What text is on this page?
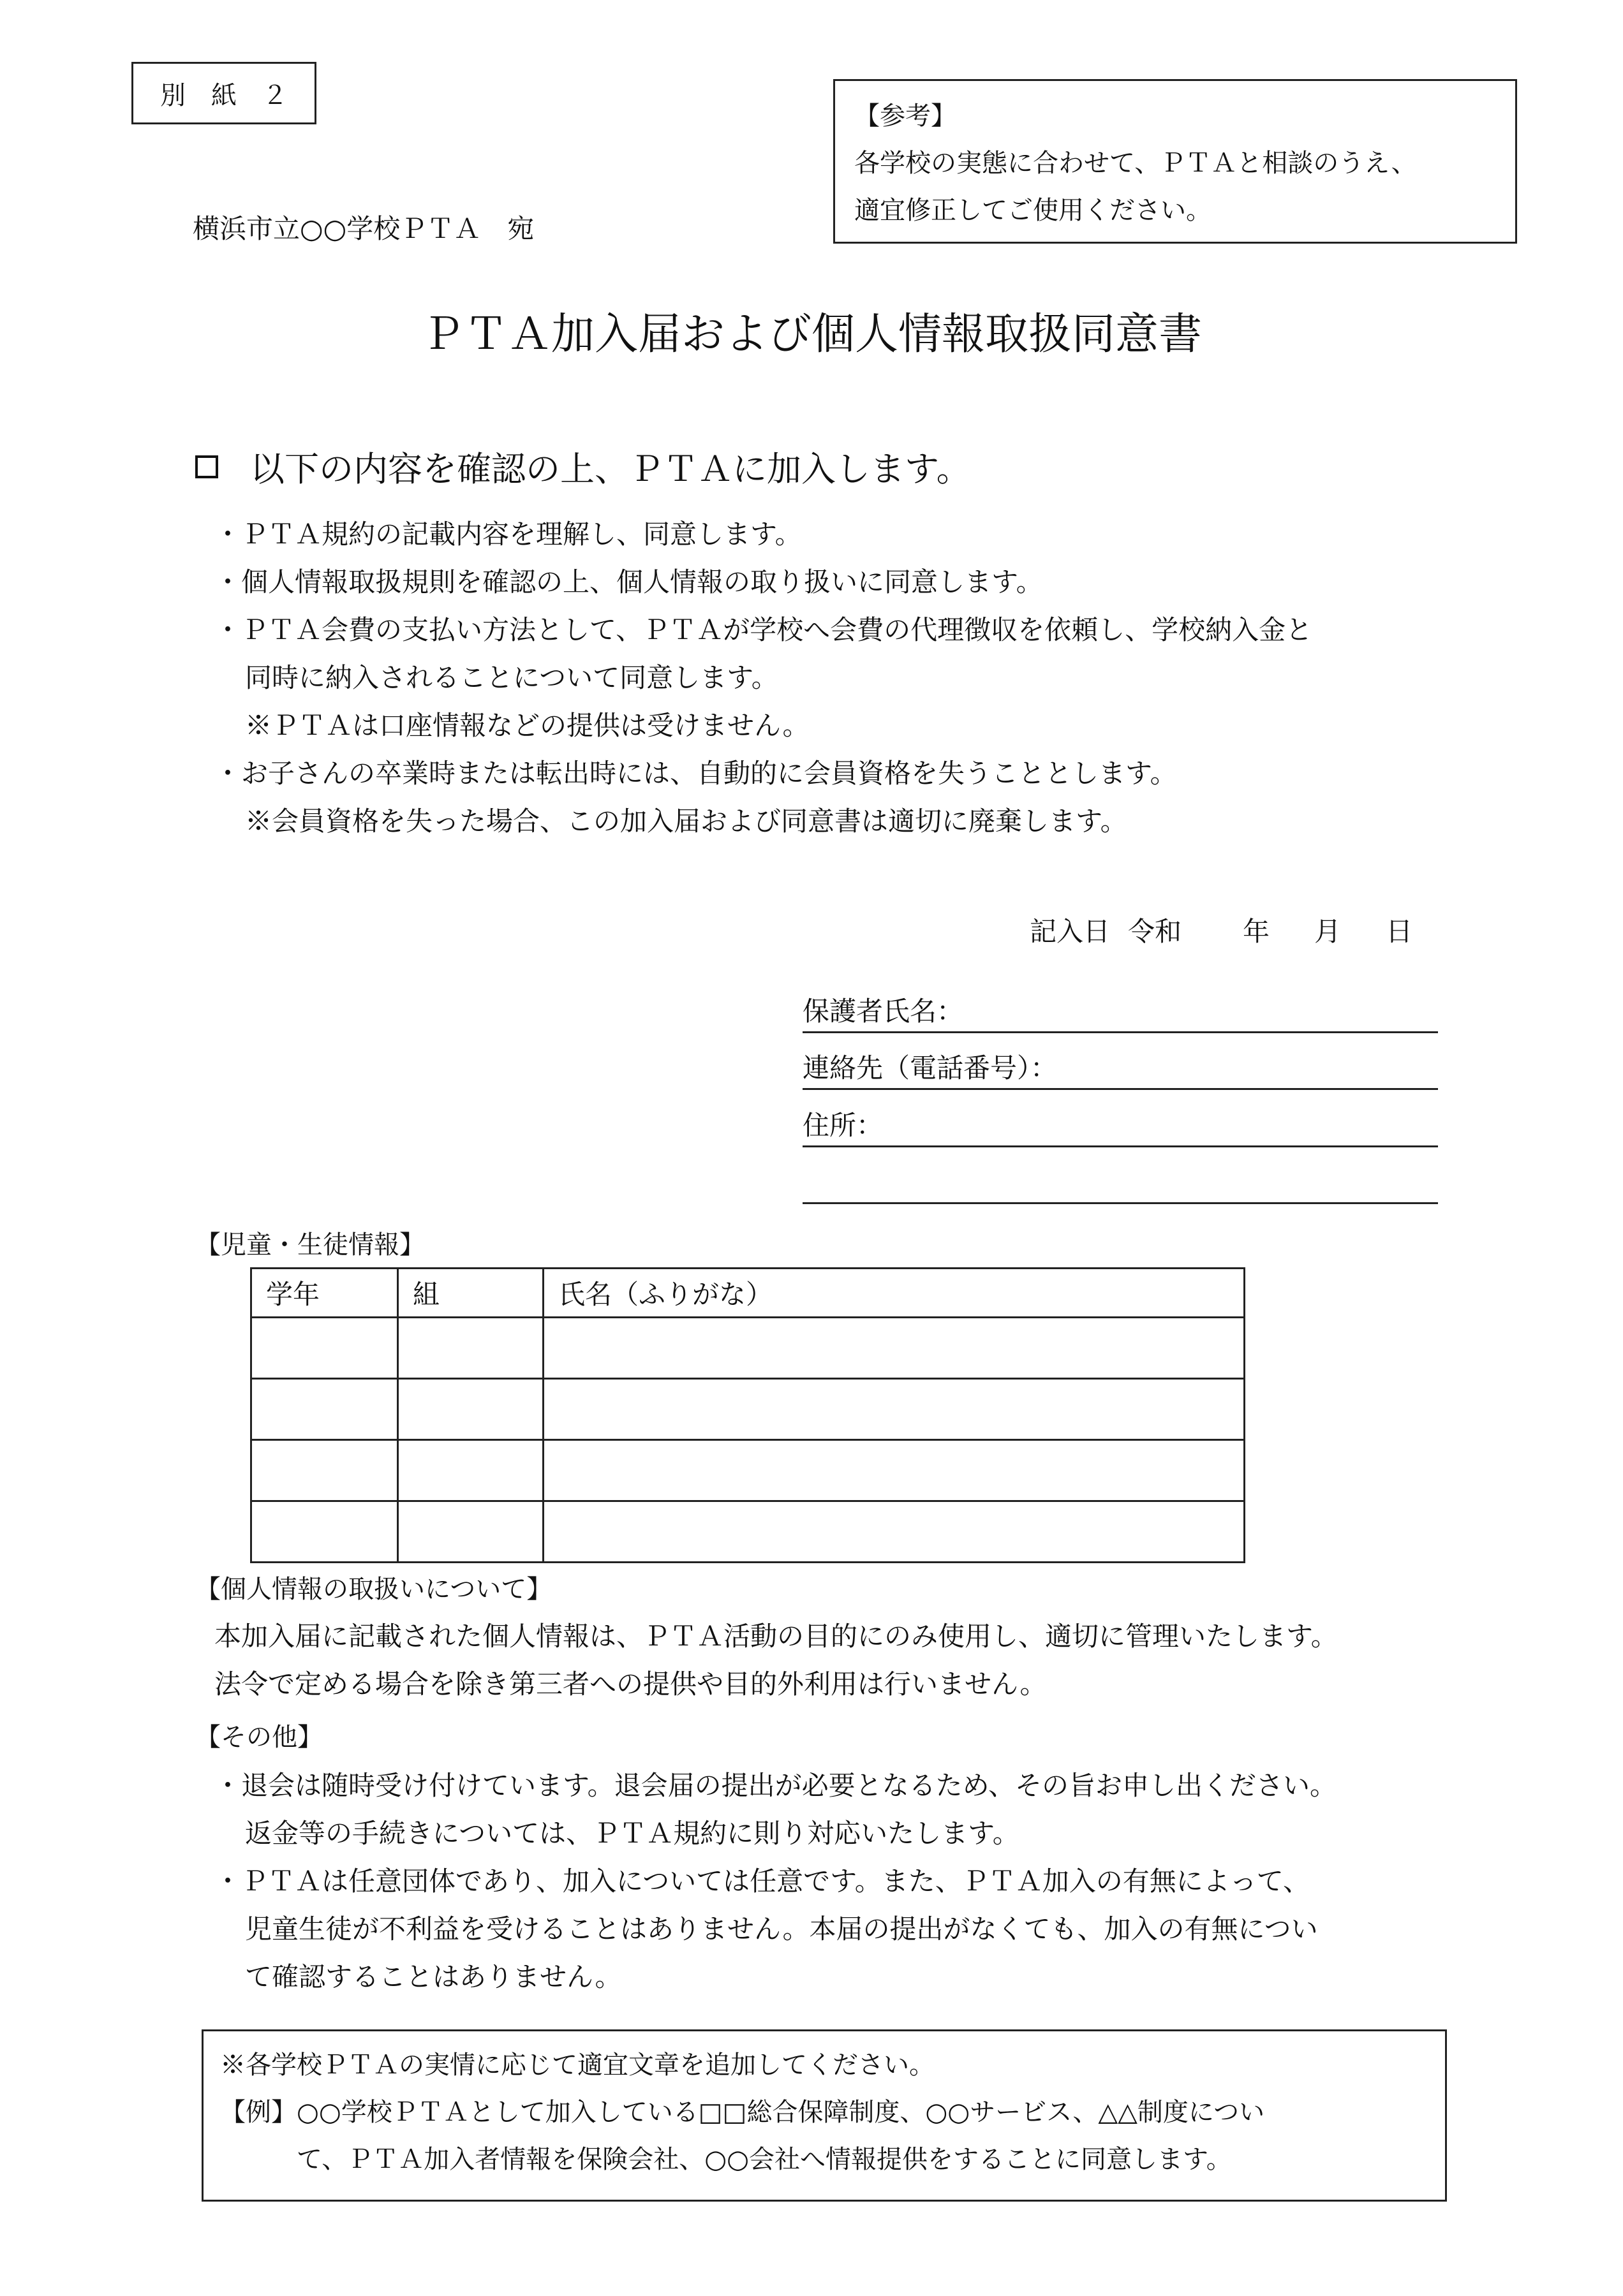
別　紙　２
【参考】
各学校の実態に合わせて、ＰＴＡと相談のうえ、
適宜修正してご使用ください。
横浜市立○○学校ＰＴＡ　宛
ＰＴＡ加入届および個人情報取扱同意書
以下の内容を確認の上、ＰＴＡに加入します。
・ＰＴＡ規約の記載内容を理解し、同意します。
・個人情報取扱規則を確認の上、個人情報の取り扱いに同意します。
・ＰＴＡ会費の支払い方法として、ＰＴＡが学校へ会費の代理徴収を依頼し、学校納入金と
同時に納入されることについて同意します。
※ＰＴＡは口座情報などの提供は受けません。
・お子さんの卒業時または転出時には、自動的に会員資格を失うこととします。
※会員資格を失った場合、この加入届および同意書は適切に廃棄します。
記入日 令和 年 月 日
保護者氏名：
連絡先（電話番号）：
住所：
【児童・生徒情報】
学年	組	氏名（ふりがな）

【個人情報の取扱いについて】
本加入届に記載された個人情報は、ＰＴＡ活動の目的にのみ使用し、適切に管理いたします。
法令で定める場合を除き第三者への提供や目的外利用は行いません。
【その他】
・退会は随時受け付けています。退会届の提出が必要となるため、その旨お申し出ください。
返金等の手続きについては、ＰＴＡ規約に則り対応いたします。
・ＰＴＡは任意団体であり、加入については任意です。また、ＰＴＡ加入の有無によって、
児童生徒が不利益を受けることはありません。本届の提出がなくても、加入の有無につい
て確認することはありません。
※各学校ＰＴＡの実情に応じて適宜文章を追加してください。
【例】○○学校ＰＴＡとして加入している□□総合保障制度、○○サービス、△△制度につい
て、ＰＴＡ加入者情報を保険会社、○○会社へ情報提供をすることに同意します。
